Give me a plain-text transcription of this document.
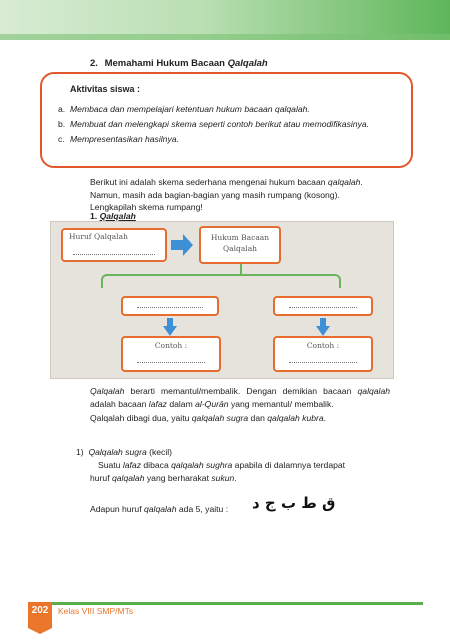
2. Memahami Hukum Bacaan Qalqalah
Aktivitas siswa :
a. Membaca dan mempelajari ketentuan hukum bacaan qalqalah.
b. Membuat dan melengkapi skema seperti contoh berikut atau memodifikasinya.
c. Mempresentasikan hasilnya.
Berikut ini adalah skema sederhana mengenai hukum bacaan qalqalah.
Namun, masih ada bagian-bagian yang masih rumpang (kosong).
Lengkapilah skema rumpang!
1. Qalqalah
Huruf Qalqalah	Hukum Bacaan
Qalqalah
Contoh :	Contoh :
Qalqalah berarti memantul/membalik. Dengan demikian bacaan qalqalah adalah bacaan lafaz dalam al-Qurān yang memantul/ membalik.
Qalqalah dibagi dua, yaitu qalqalah sugra dan qalqalah kubra.
1) Qalqalah sugra (kecil)
Suatu lafaz dibaca qalqalah sughra apabila di dalamnya terdapat
huruf qalqalah yang berharakat sukun.
Adapun huruf qalqalah ada 5, yaitu :	ق ط ب ج د
202	Kelas VIII SMP/MTs
